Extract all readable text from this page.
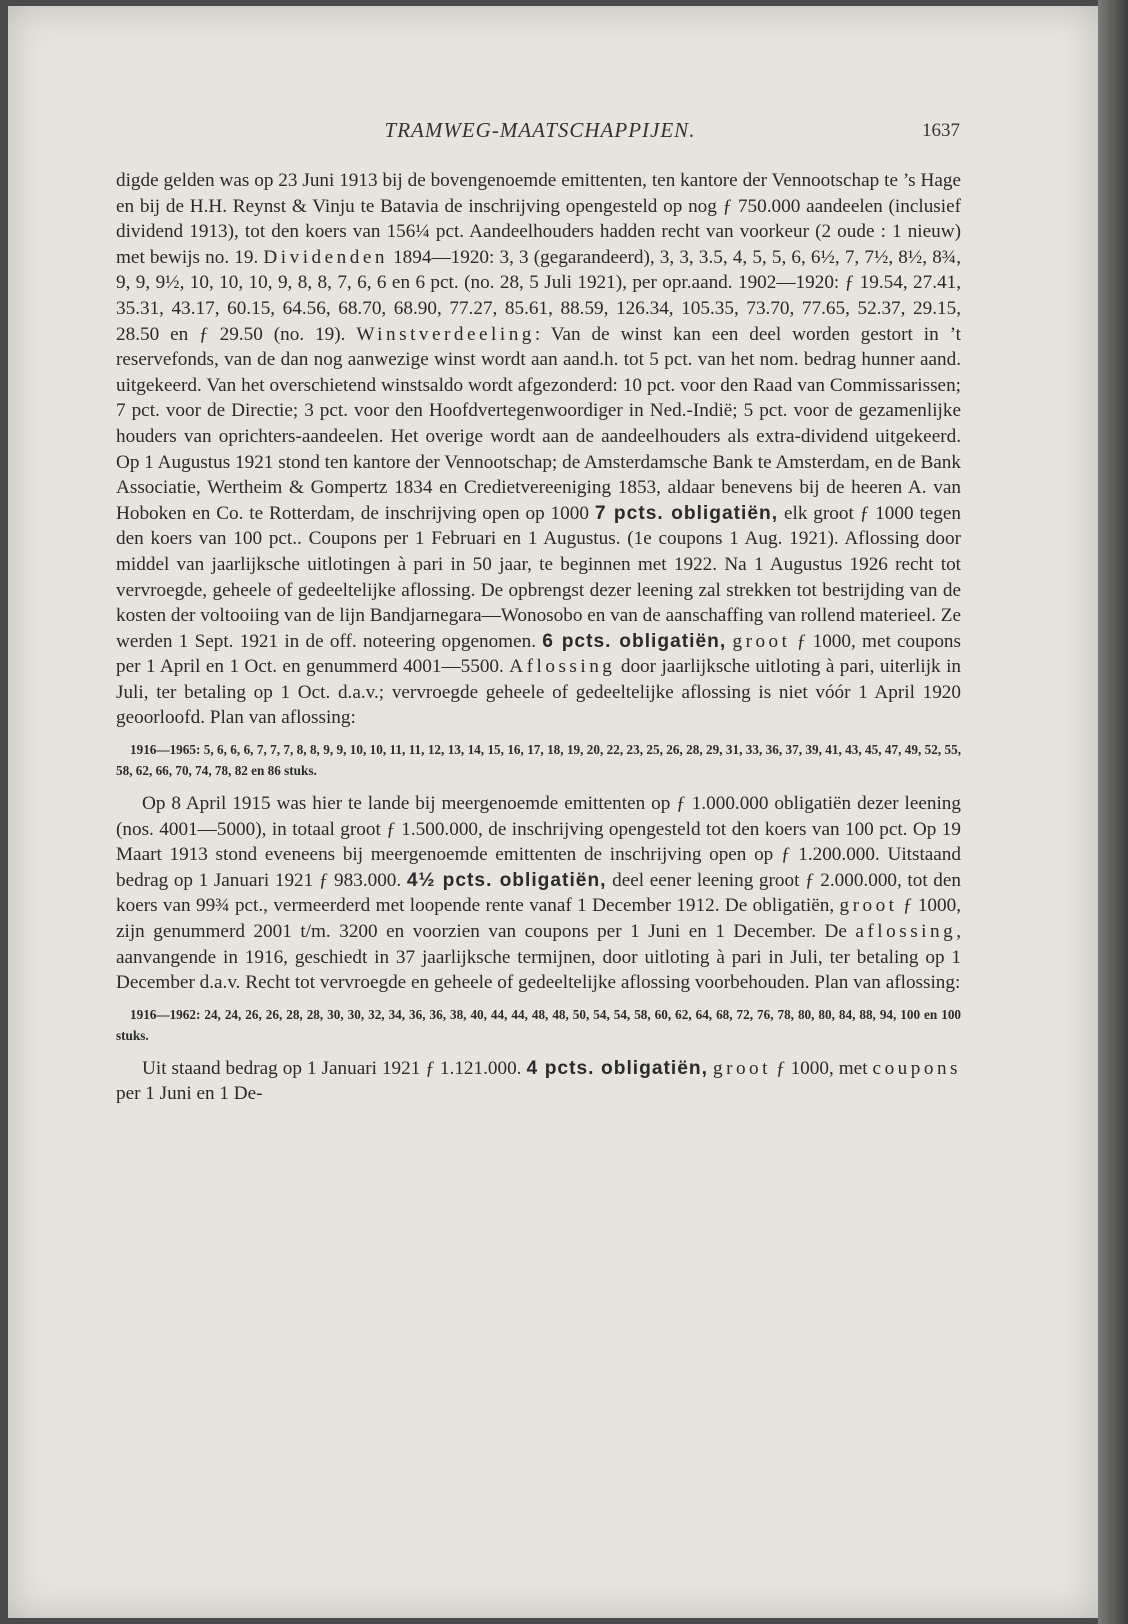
TRAMWEG-MAATSCHAPPIJEN.	1637

digde gelden was op 23 Juni 1913 bij de bovengenoemde emittenten, ten kantore der Vennootschap te ’s Hage en bij de H.H. Reynst & Vinju te Batavia de inschrijving opengesteld op nog ƒ 750.000 aandeelen (inclusief dividend 1913), tot den koers van 156¼ pct. Aandeelhouders hadden recht van voorkeur (2 oude : 1 nieuw) met bewijs no. 19. Dividenden 1894—1920: 3, 3 (gegarandeerd), 3, 3, 3.5, 4, 5, 5, 6, 6½, 7, 7½, 8½, 8¾, 9, 9, 9½, 10, 10, 10, 9, 8, 8, 7, 6, 6 en 6 pct. (no. 28, 5 Juli 1921), per opr.aand. 1902—1920: ƒ 19.54, 27.41, 35.31, 43.17, 60.15, 64.56, 68.70, 68.90, 77.27, 85.61, 88.59, 126.34, 105.35, 73.70, 77.65, 52.37, 29.15, 28.50 en ƒ 29.50 (no. 19). Winstverdeeling: Van de winst kan een deel worden gestort in ’t reservefonds, van de dan nog aanwezige winst wordt aan aand.h. tot 5 pct. van het nom. bedrag hunner aand. uitgekeerd. Van het overschietend winstsaldo wordt afgezonderd: 10 pct. voor den Raad van Commissarissen; 7 pct. voor de Directie; 3 pct. voor den Hoofdvertegenwoordiger in Ned.-Indië; 5 pct. voor de gezamenlijke houders van oprichters-aandeelen. Het overige wordt aan de aandeelhouders als extra-dividend uitgekeerd. Op 1 Augustus 1921 stond ten kantore der Vennootschap; de Amsterdamsche Bank te Amsterdam, en de Bank Associatie, Wertheim & Gompertz 1834 en Credietvereeniging 1853, aldaar benevens bij de heeren A. van Hoboken en Co. te Rotterdam, de inschrijving open op 1000 7 pcts. obligatiën, elk groot ƒ 1000 tegen den koers van 100 pct.. Coupons per 1 Februari en 1 Augustus. (1e coupons 1 Aug. 1921). Aflossing door middel van jaarlijksche uitlotingen à pari in 50 jaar, te beginnen met 1922. Na 1 Augustus 1926 recht tot vervroegde, geheele of gedeeltelijke aflossing. De opbrengst dezer leening zal strekken tot bestrijding van de kosten der voltooiing van de lijn Bandjarnegara—Wonosobo en van de aanschaffing van rollend materieel. Ze werden 1 Sept. 1921 in de off. noteering opgenomen. 6 pcts. obligatiën, groot ƒ 1000, met coupons per 1 April en 1 Oct. en genummerd 4001—5500. Aflossing door jaarlijksche uitloting à pari, uiterlijk in Juli, ter betaling op 1 Oct. d.a.v.; vervroegde geheele of gedeeltelijke aflossing is niet vóór 1 April 1920 geoorloofd. Plan van aflossing:

1916—1965: 5, 6, 6, 6, 7, 7, 7, 8, 8, 9, 9, 10, 10, 11, 11, 12, 13, 14, 15, 16, 17, 18, 19, 20, 22, 23, 25, 26, 28, 29, 31, 33, 36, 37, 39, 41, 43, 45, 47, 49, 52, 55, 58, 62, 66, 70, 74, 78, 82 en 86 stuks.

Op 8 April 1915 was hier te lande bij meergenoemde emittenten op ƒ 1.000.000 obligatiën dezer leening (nos. 4001—5000), in totaal groot ƒ 1.500.000, de inschrijving opengesteld tot den koers van 100 pct. Op 19 Maart 1913 stond eveneens bij meergenoemde emittenten de inschrijving open op ƒ 1.200.000. Uitstaand bedrag op 1 Januari 1921 ƒ 983.000. 4½ pcts. obligatiën, deel eener leening groot ƒ 2.000.000, tot den koers van 99¾ pct., vermeerderd met loopende rente vanaf 1 December 1912. De obligatiën, groot ƒ 1000, zijn genummerd 2001 t/m. 3200 en voorzien van coupons per 1 Juni en 1 December. De aflossing, aanvangende in 1916, geschiedt in 37 jaarlijksche termijnen, door uitloting à pari in Juli, ter betaling op 1 December d.a.v. Recht tot vervroegde en geheele of gedeeltelijke aflossing voorbehouden. Plan van aflossing:

1916—1962: 24, 24, 26, 26, 28, 28, 30, 30, 32, 34, 36, 36, 38, 40, 44, 44, 48, 48, 50, 54, 54, 58, 60, 62, 64, 68, 72, 76, 78, 80, 80, 84, 88, 94, 100 en 100 stuks.

Uit staand bedrag op 1 Januari 1921 ƒ 1.121.000. 4 pcts. obligatiën, groot ƒ 1000, met coupons per 1 Juni en 1 De-
